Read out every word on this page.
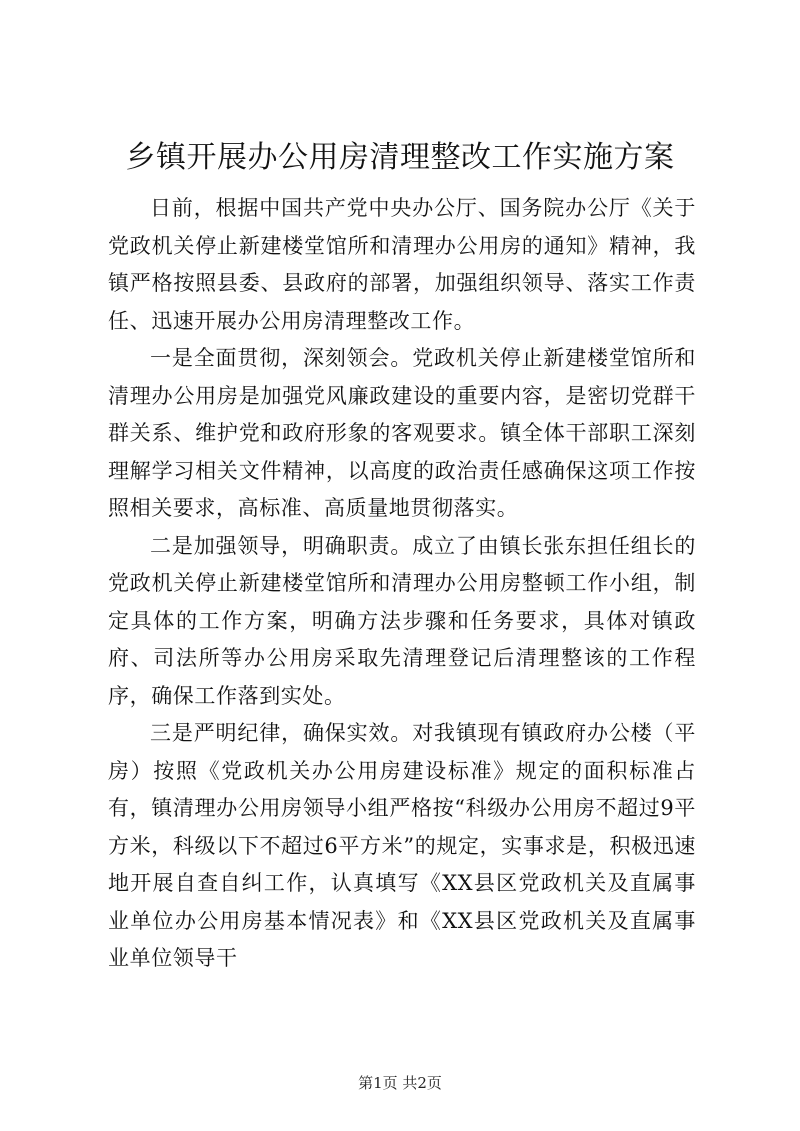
乡镇开展办公用房清理整改工作实施方案

日前，根据中国共产党中央办公厅、国务院办公厅《关于党政机关停止新建楼堂馆所和清理办公用房的通知》精神，我镇严格按照县委、县政府的部署，加强组织领导、落实工作责任、迅速开展办公用房清理整改工作。

一是全面贯彻，深刻领会。党政机关停止新建楼堂馆所和清理办公用房是加强党风廉政建设的重要内容，是密切党群干群关系、维护党和政府形象的客观要求。镇全体干部职工深刻理解学习相关文件精神，以高度的政治责任感确保这项工作按照相关要求，高标准、高质量地贯彻落实。

二是加强领导，明确职责。成立了由镇长张东担任组长的党政机关停止新建楼堂馆所和清理办公用房整顿工作小组，制定具体的工作方案，明确方法步骤和任务要求，具体对镇政府、司法所等办公用房采取先清理登记后清理整该的工作程序，确保工作落到实处。

三是严明纪律，确保实效。对我镇现有镇政府办公楼（平房）按照《党政机关办公用房建设标准》规定的面积标准占有，镇清理办公用房领导小组严格按“科级办公用房不超过9平方米，科级以下不超过6平方米”的规定，实事求是，积极迅速地开展自查自纠工作，认真填写《XX县区党政机关及直属事业单位办公用房基本情况表》和《XX县区党政机关及直属事业单位领导干

第1页 共2页
